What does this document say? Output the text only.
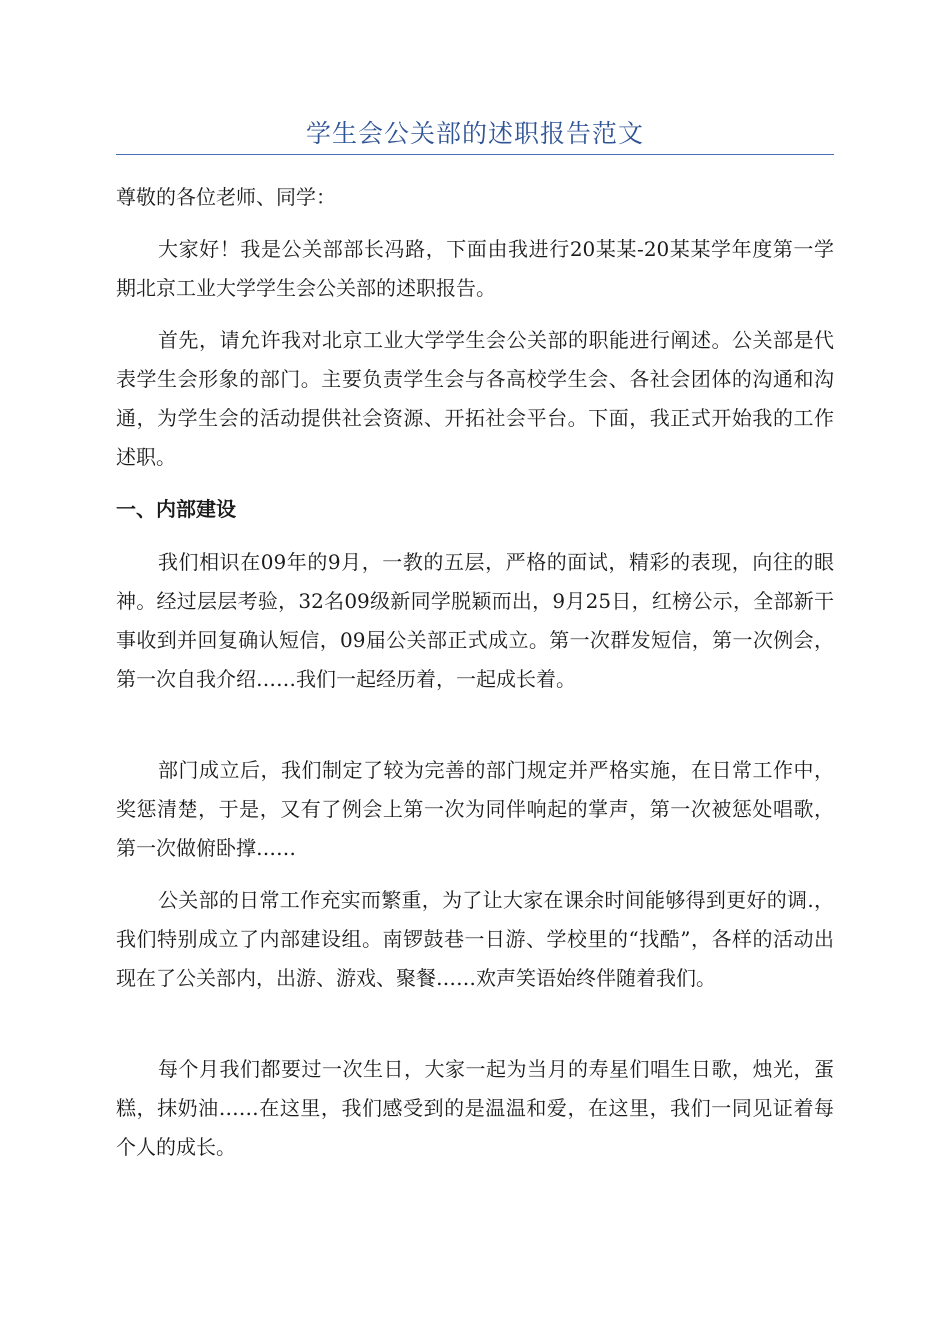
学生会公关部的述职报告范文

尊敬的各位老师、同学：

大家好！我是公关部部长冯路，下面由我进行20某某-20某某学年度第一学期北京工业大学学生会公关部的述职报告。

首先，请允许我对北京工业大学学生会公关部的职能进行阐述。公关部是代表学生会形象的部门。主要负责学生会与各高校学生会、各社会团体的沟通和沟通，为学生会的活动提供社会资源、开拓社会平台。下面，我正式开始我的工作述职。

一、内部建设

我们相识在09年的9月，一教的五层，严格的面试，精彩的表现，向往的眼神。经过层层考验，32名09级新同学脱颖而出，9月25日，红榜公示，全部新干事收到并回复确认短信，09届公关部正式成立。第一次群发短信，第一次例会，第一次自我介绍……我们一起经历着，一起成长着。

部门成立后，我们制定了较为完善的部门规定并严格实施，在日常工作中，奖惩清楚，于是，又有了例会上第一次为同伴响起的掌声，第一次被惩处唱歌，第一次做俯卧撑……

公关部的日常工作充实而繁重，为了让大家在课余时间能够得到更好的调.，我们特别成立了内部建设组。南锣鼓巷一日游、学校里的“找酷”，各样的活动出现在了公关部内，出游、游戏、聚餐……欢声笑语始终伴随着我们。

每个月我们都要过一次生日，大家一起为当月的寿星们唱生日歌，烛光，蛋糕，抹奶油……在这里，我们感受到的是温温和爱，在这里，我们一同见证着每个人的成长。
